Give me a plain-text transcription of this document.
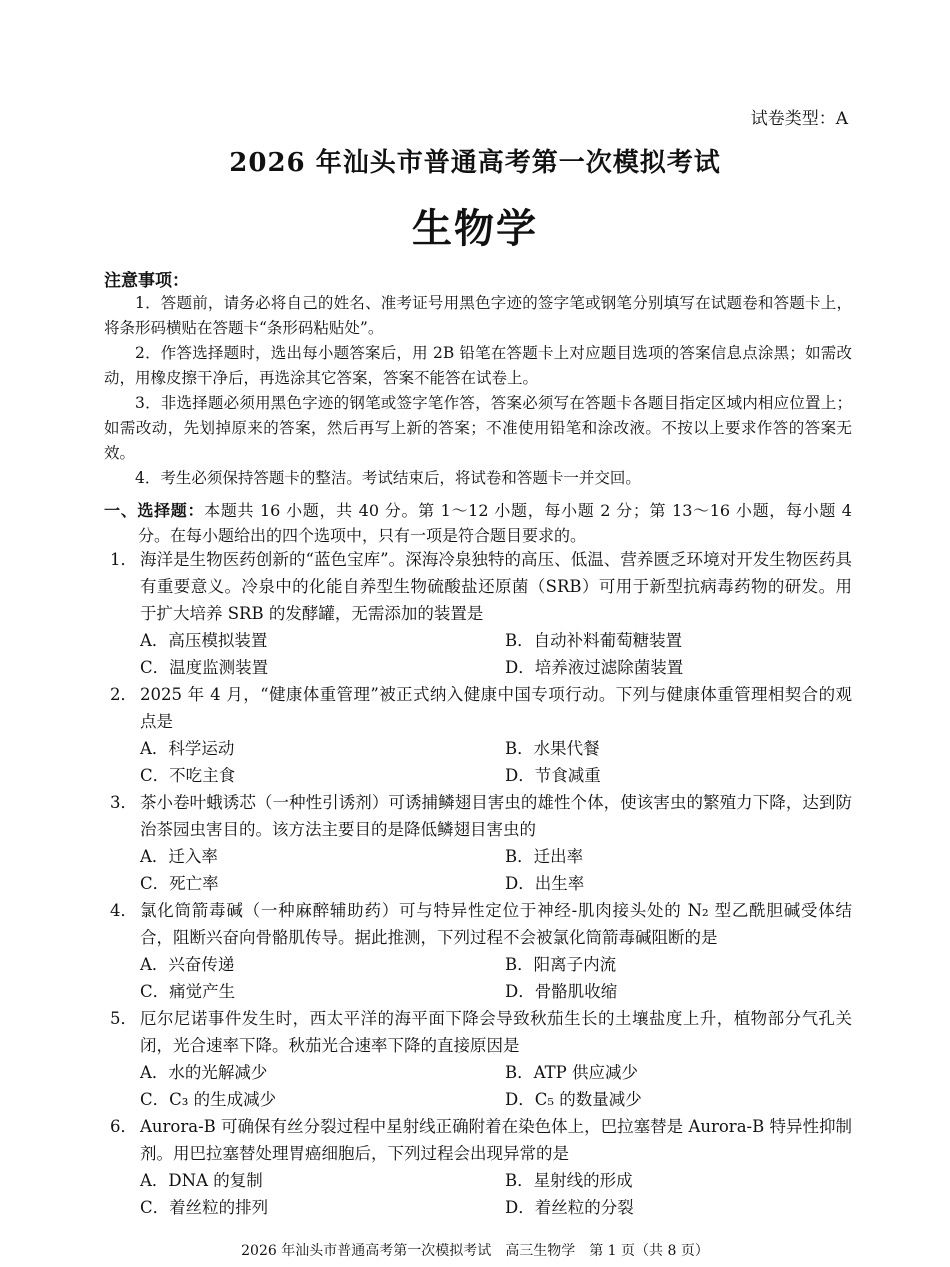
试卷类型：A
2026 年汕头市普通高考第一次模拟考试
生物学
注意事项：
1．答题前，请务必将自己的姓名、准考证号用黑色字迹的签字笔或钢笔分别填写在试题卷和答题卡上，将条形码横贴在答题卡“条形码粘贴处”。
2．作答选择题时，选出每小题答案后，用 2B 铅笔在答题卡上对应题目选项的答案信息点涂黑；如需改动，用橡皮擦干净后，再选涂其它答案，答案不能答在试卷上。
3．非选择题必须用黑色字迹的钢笔或签字笔作答，答案必须写在答题卡各题目指定区域内相应位置上；如需改动，先划掉原来的答案，然后再写上新的答案；不准使用铅笔和涂改液。不按以上要求作答的答案无效。
4．考生必须保持答题卡的整洁。考试结束后，将试卷和答题卡一并交回。
一、选择题：本题共 16 小题，共 40 分。第 1～12 小题，每小题 2 分；第 13～16 小题，每小题 4 分。在每小题给出的四个选项中，只有一项是符合题目要求的。
1． 海洋是生物医药创新的“蓝色宝库”。深海冷泉独特的高压、低温、营养匮乏环境对开发生物医药具有重要意义。冷泉中的化能自养型生物硫酸盐还原菌（SRB）可用于新型抗病毒药物的研发。用于扩大培养 SRB 的发酵罐，无需添加的装置是
A．高压模拟装置	B．自动补料葡萄糖装置
C．温度监测装置	D．培养液过滤除菌装置
2． 2025 年 4 月，“健康体重管理”被正式纳入健康中国专项行动。下列与健康体重管理相契合的观点是
A．科学运动	B．水果代餐
C．不吃主食	D．节食减重
3． 茶小卷叶蛾诱芯（一种性引诱剂）可诱捕鳞翅目害虫的雄性个体，使该害虫的繁殖力下降，达到防治茶园虫害目的。该方法主要目的是降低鳞翅目害虫的
A．迁入率	B．迁出率
C．死亡率	D．出生率
4． 氯化筒箭毒碱（一种麻醉辅助药）可与特异性定位于神经-肌肉接头处的 N₂ 型乙酰胆碱受体结合，阻断兴奋向骨骼肌传导。据此推测，下列过程不会被氯化筒箭毒碱阻断的是
A．兴奋传递	B．阳离子内流
C．痛觉产生	D．骨骼肌收缩
5． 厄尔尼诺事件发生时，西太平洋的海平面下降会导致秋茄生长的土壤盐度上升，植物部分气孔关闭，光合速率下降。秋茄光合速率下降的直接原因是
A．水的光解减少	B．ATP 供应减少
C．C₃ 的生成减少	D．C₅ 的数量减少
6． Aurora-B 可确保有丝分裂过程中星射线正确附着在染色体上，巴拉塞替是 Aurora-B 特异性抑制剂。用巴拉塞替处理胃癌细胞后，下列过程会出现异常的是
A．DNA 的复制	B．星射线的形成
C．着丝粒的排列	D．着丝粒的分裂
2026 年汕头市普通高考第一次模拟考试　高三生物学　第 1 页（共 8 页）
